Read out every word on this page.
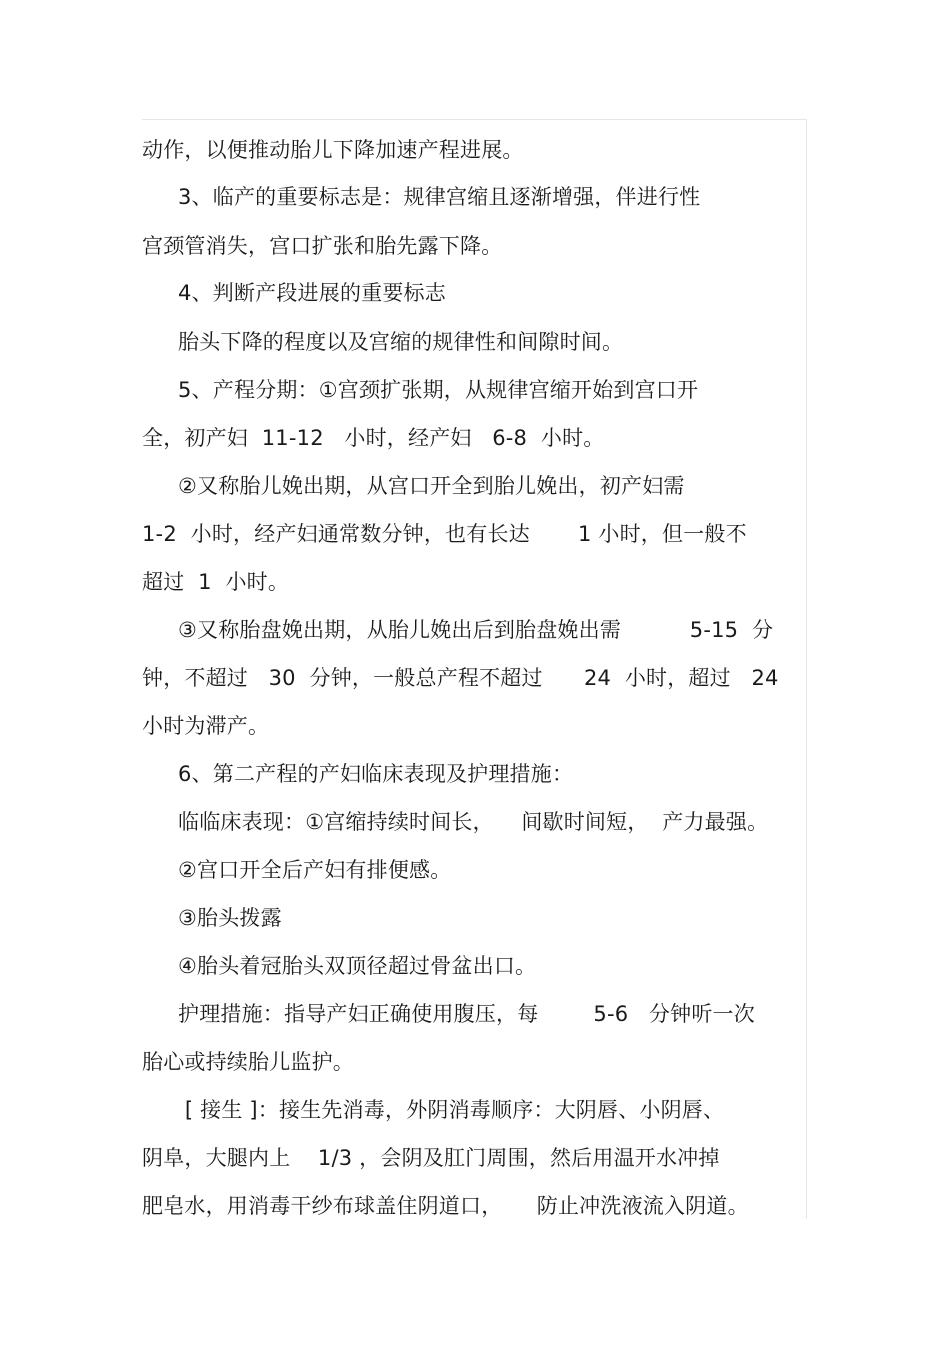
动作，以便推动胎儿下降加速产程进展。
3、临产的重要标志是：规律宫缩且逐渐增强，伴进行性
宫颈管消失，宫口扩张和胎先露下降。
4、判断产段进展的重要标志
胎头下降的程度以及宫缩的规律性和间隙时间。
5、产程分期：①宫颈扩张期，从规律宫缩开始到宫口开
全，初产妇  11-12   小时，经产妇   6-8  小时。
②又称胎儿娩出期，从宫口开全到胎儿娩出，初产妇需
1-2  小时，经产妇通常数分钟，也有长达       1 小时，但一般不
超过  1  小时。
③又称胎盘娩出期，从胎儿娩出后到胎盘娩出需          5-15  分
钟，不超过   30  分钟，一般总产程不超过      24  小时，超过   24
小时为滞产。
6、第二产程的产妇临床表现及护理措施：
临临床表现：①宫缩持续时间长，    间歇时间短，  产力最强。
②宫口开全后产妇有排便感。
③胎头拨露
④胎头着冠胎头双顶径超过骨盆出口。
护理措施：指导产妇正确使用腹压，每        5-6   分钟听一次
胎心或持续胎儿监护。
[ 接生 ]：接生先消毒，外阴消毒顺序：大阴唇、小阴唇、
阴阜，大腿内上    1/3 ，会阴及肛门周围，然后用温开水冲掉
肥皂水，用消毒干纱布球盖住阴道口，     防止冲洗液流入阴道。
